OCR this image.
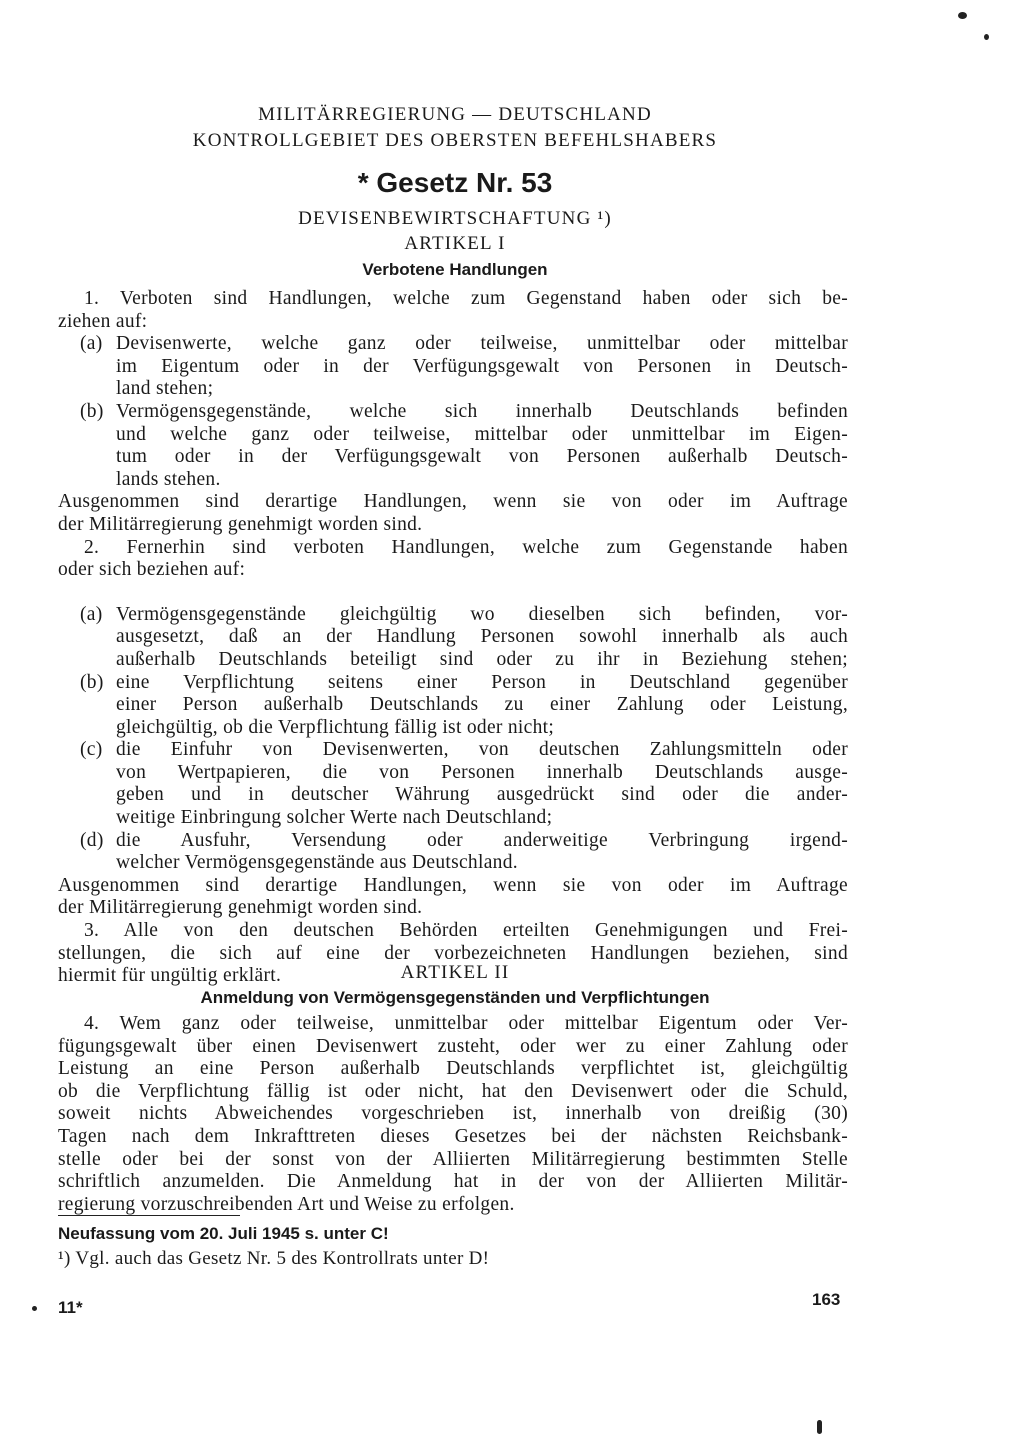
MILITÄRREGIERUNG — DEUTSCHLAND
KONTROLLGEBIET DES OBERSTEN BEFEHLSHABERS
* Gesetz Nr. 53
DEVISENBEWIRTSCHAFTUNG ¹)
ARTIKEL I
Verbotene Handlungen
1. Verboten sind Handlungen, welche zum Gegenstand haben oder sich be-
ziehen auf:
(a) Devisenwerte, welche ganz oder teilweise, unmittelbar oder mittelbar
im Eigentum oder in der Verfügungsgewalt von Personen in Deutsch-
land stehen;
(b) Vermögensgegenstände, welche sich innerhalb Deutschlands befinden
und welche ganz oder teilweise, mittelbar oder unmittelbar im Eigen-
tum oder in der Verfügungsgewalt von Personen außerhalb Deutsch-
lands stehen.
Ausgenommen sind derartige Handlungen, wenn sie von oder im Auftrage
der Militärregierung genehmigt worden sind.
2. Fernerhin sind verboten Handlungen, welche zum Gegenstande haben
oder sich beziehen auf:
(a) Vermögensgegenstände gleichgültig wo dieselben sich befinden, vor-
ausgesetzt, daß an der Handlung Personen sowohl innerhalb als auch
außerhalb Deutschlands beteiligt sind oder zu ihr in Beziehung stehen;
(b) eine Verpflichtung seitens einer Person in Deutschland gegenüber
einer Person außerhalb Deutschlands zu einer Zahlung oder Leistung,
gleichgültig, ob die Verpflichtung fällig ist oder nicht;
(c) die Einfuhr von Devisenwerten, von deutschen Zahlungsmitteln oder
von Wertpapieren, die von Personen innerhalb Deutschlands ausge-
geben und in deutscher Währung ausgedrückt sind oder die ander-
weitige Einbringung solcher Werte nach Deutschland;
(d) die Ausfuhr, Versendung oder anderweitige Verbringung irgend-
welcher Vermögensgegenstände aus Deutschland.
Ausgenommen sind derartige Handlungen, wenn sie von oder im Auftrage
der Militärregierung genehmigt worden sind.
3. Alle von den deutschen Behörden erteilten Genehmigungen und Frei-
stellungen, die sich auf eine der vorbezeichneten Handlungen beziehen, sind
hiermit für ungültig erklärt.	ARTIKEL II
Anmeldung von Vermögensgegenständen und Verpflichtungen
4. Wem ganz oder teilweise, unmittelbar oder mittelbar Eigentum oder Ver-
fügungsgewalt über einen Devisenwert zusteht, oder wer zu einer Zahlung oder
Leistung an eine Person außerhalb Deutschlands verpflichtet ist, gleichgültig
ob die Verpflichtung fällig ist oder nicht, hat den Devisenwert oder die Schuld,
soweit nichts Abweichendes vorgeschrieben ist, innerhalb von dreißig (30)
Tagen nach dem Inkrafttreten dieses Gesetzes bei der nächsten Reichsbank-
stelle oder bei der sonst von der Alliierten Militärregierung bestimmten Stelle
schriftlich anzumelden. Die Anmeldung hat in der von der Alliierten Militär-
regierung vorzuschreibenden Art und Weise zu erfolgen.
Neufassung vom 20. Juli 1945 s. unter C!
¹) Vgl. auch das Gesetz Nr. 5 des Kontrollrats unter D!
11*	163
